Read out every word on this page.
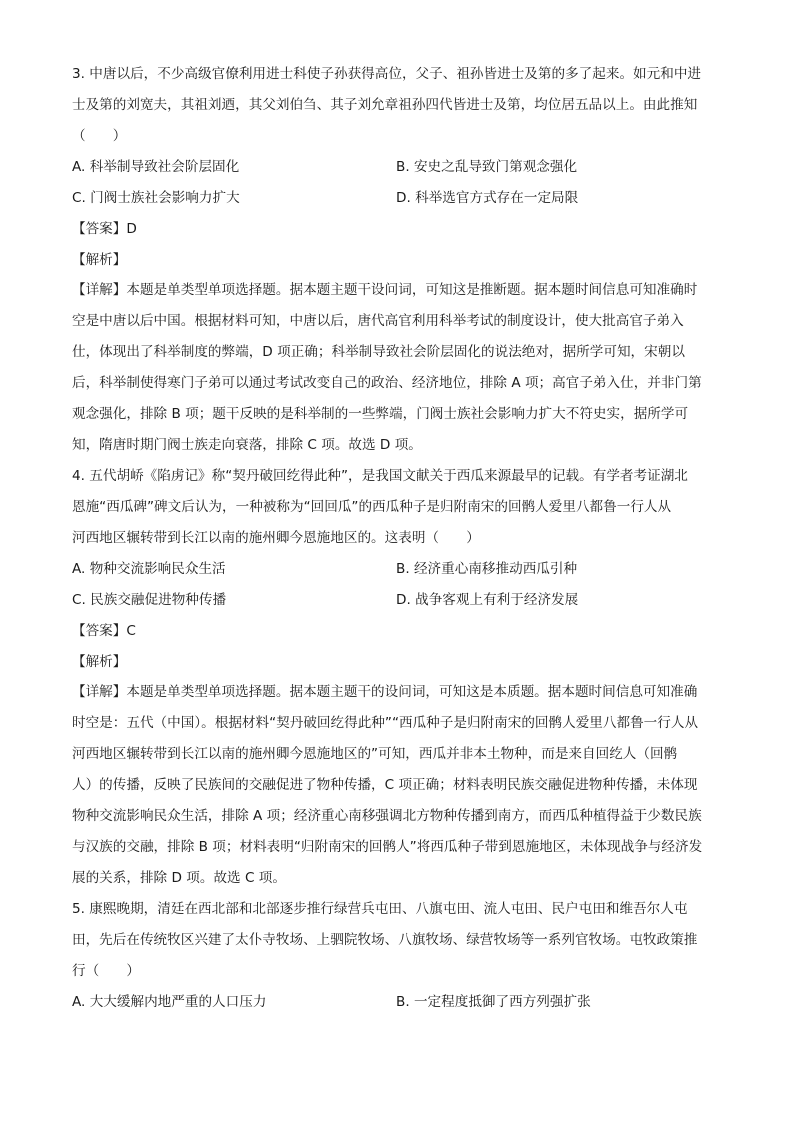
3. 中唐以后，不少高级官僚利用进士科使子孙获得高位，父子、祖孙皆进士及第的多了起来。如元和中进

士及第的刘宽夫，其祖刘迺，其父刘伯刍、其子刘允章祖孙四代皆进士及第，均位居五品以上。由此推知

（　　）

A. 科举制导致社会阶层固化	B. 安史之乱导致门第观念强化
C. 门阀士族社会影响力扩大	D. 科举选官方式存在一定局限

【答案】D

【解析】

【详解】本题是单类型单项选择题。据本题主题干设问词，可知这是推断题。据本题时间信息可知准确时

空是中唐以后中国。根据材料可知，中唐以后，唐代高官利用科举考试的制度设计，使大批高官子弟入

仕，体现出了科举制度的弊端，D 项正确；科举制导致社会阶层固化的说法绝对，据所学可知，宋朝以

后，科举制使得寒门子弟可以通过考试改变自己的政治、经济地位，排除 A 项；高官子弟入仕，并非门第

观念强化，排除 B 项；题干反映的是科举制的一些弊端，门阀士族社会影响力扩大不符史实，据所学可

知，隋唐时期门阀士族走向衰落，排除 C 项。故选 D 项。

4. 五代胡峤《陷虏记》称“契丹破回纥得此种”，是我国文献关于西瓜来源最早的记载。有学者考证湖北

恩施“西瓜碑”碑文后认为，一种被称为“回回瓜”的西瓜种子是归附南宋的回鹘人爱里八都鲁一行人从

河西地区辗转带到长江以南的施州卿今恩施地区的。这表明（　　）

A. 物种交流影响民众生活	B. 经济重心南移推动西瓜引种
C. 民族交融促进物种传播	D. 战争客观上有利于经济发展

【答案】C

【解析】

【详解】本题是单类型单项选择题。据本题主题干的设问词，可知这是本质题。据本题时间信息可知准确

时空是：五代（中国）。根据材料“契丹破回纥得此种”“西瓜种子是归附南宋的回鹘人爱里八都鲁一行人从

河西地区辗转带到长江以南的施州卿今恩施地区的”可知，西瓜并非本土物种，而是来自回纥人（回鹘

人）的传播，反映了民族间的交融促进了物种传播，C 项正确；材料表明民族交融促进物种传播，未体现

物种交流影响民众生活，排除 A 项；经济重心南移强调北方物种传播到南方，而西瓜种植得益于少数民族

与汉族的交融，排除 B 项；材料表明“归附南宋的回鹘人”将西瓜种子带到恩施地区，未体现战争与经济发

展的关系，排除 D 项。故选 C 项。

5. 康熙晚期，清廷在西北部和北部逐步推行绿营兵屯田、八旗屯田、流人屯田、民户屯田和维吾尔人屯

田，先后在传统牧区兴建了太仆寺牧场、上驷院牧场、八旗牧场、绿营牧场等一系列官牧场。屯牧政策推

行（　　）

A. 大大缓解内地严重的人口压力	B. 一定程度抵御了西方列强扩张
